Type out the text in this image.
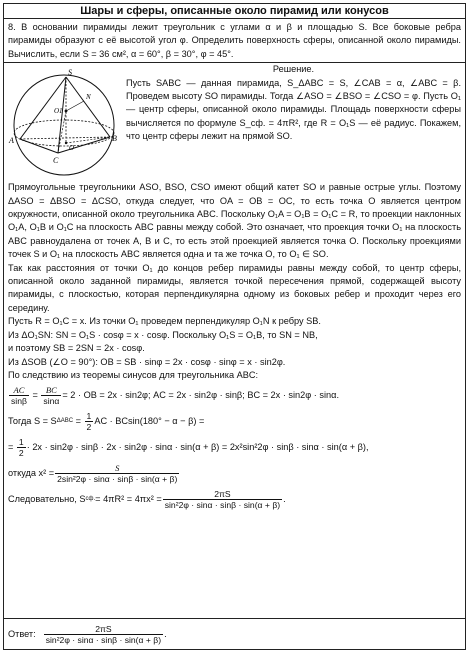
Шары и сферы, описанные около пирамид или конусов
8. В основании пирамиды лежит треугольник с углами α и β и площадью S. Все боковые ребра пирамиды образуют с её высотой угол φ. Определить поверхность сферы, описанной около пирамиды. Вычислить, если S = 36 см², α = 60°, β = 30°, φ = 45°.
S
A	B
C
O
O1
N
Решение.
Пусть SABC — данная пирамида, S_ΔABC = S, ∠CAB = α, ∠ABC = β. Проведем высоту SO пирамиды. Тогда ∠ASO = ∠BSO = ∠CSO = φ. Пусть O₁ — центр сферы, описанной около пирамиды. Площадь поверхности сферы вычисляется по формуле S_сф. = 4πR², где R = O₁S — её радиус. Покажем, что центр сферы лежит на прямой SO.

Прямоугольные треугольники ASO, BSO, CSO имеют общий катет SO и равные острые углы. Поэтому ΔASO = ΔBSO = ΔCSO, откуда следует, что OA = OB = OC, то есть точка O является центром окружности, описанной около треугольника ABC. Поскольку O₁A = O₁B = O₁C = R, то проекции наклонных O₁A, O₁B и O₁C на плоскость ABC равны между собой. Это означает, что проекция точки O₁ на плоскость ABC равноудалена от точек A, B и C, то есть этой проекцией является точка O. Поскольку проекциями точек S и O₁ на плоскость ABC является одна и та же точка O, то O₁ ∈ SO.

Так как расстояния от точки O₁ до концов ребер пирамиды равны между собой, то центр сферы, описанной около заданной пирамиды, является точкой пересечения прямой, содержащей высоту пирамиды, с плоскостью, которая перпендикулярна одному из боковых ребер и проходит через его середину.

Пусть R = O₁C = x. Из точки O₁ проведем перпендикуляр O₁N к ребру SB.

Из ΔO₁SN: SN = O₁S · cosφ = x · cosφ. Поскольку O₁S = O₁B, то SN = NB,

и поэтому SB = 2SN = 2x · cosφ.

Из ΔSOB (∠O = 90°): OB = SB · sinφ = 2x · cosφ · sinφ = x · sin2φ.

По следствию из теоремы синусов для треугольника ABC:

$\frac{AC}{\sin\beta} = \frac{BC}{\sin\alpha} = 2$ · OB = 2x · sin2φ; AC = 2x · sin2φ · sinβ; BC = 2x · sin2φ · sinα.
Тогда S = S $\Delta ABC = \frac{1}{2}$ AC · BCsin(180° − α − β) =
= $\frac{1}{2} \cdot 2x \cdot \sin 2\varphi \cdot \sin\beta \cdot 2x \cdot \sin 2\varphi \cdot \sin\alpha \cdot \sin(\alpha + \beta) = 2x^2\sin^22\varphi \cdot \sin\beta \cdot \sin\alpha \cdot \sin(\alpha + \beta)$,
откуда $x^2 = \frac{S}{\text{2sin²2φ · sinα · sinβ · sin(α + β)}}$
Следовательно, S сф. = $4\pi R^2 = 4\pi x^2 = \frac{2\pi S}{\text{sin²2φ · sinα · sinβ · sin(α + β)}}$ .
Ответ: $\frac{2\pi S}{\text{sin²2φ · sinα · sinβ · sin(α + β)}}$ .
